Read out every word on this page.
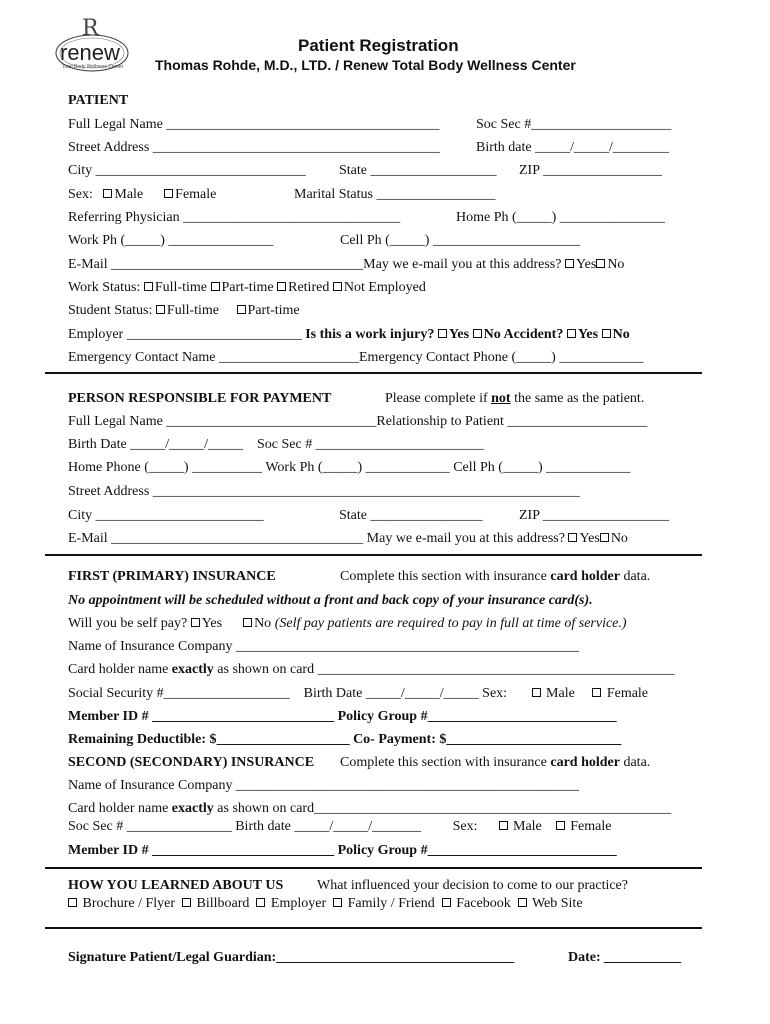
R
renew
Total Body Wellness Center
Patient Registration
Thomas Rohde, M.D., LTD. / Renew Total Body Wellness Center
PATIENT
Full Legal Name _______________________________________	Soc Sec #____________________
Street Address _________________________________________	Birth date _____/_____/________
City ______________________________ State __________________ ZIP _________________
Sex: Male Female	Marital Status _________________
Referring Physician _______________________________	Home Ph (_____) _______________
Work Ph (_____) _______________	Cell Ph (_____) _____________________
E-Mail ____________________________________May we e-mail you at this address? Yes No
Work Status: Full-time Part-time Retired Not Employed
Student Status: Full-time Part-time
Employer _________________________ Is this a work injury? Yes No Accident? Yes No
Emergency Contact Name ____________________Emergency Contact Phone (_____) ____________
PERSON RESPONSIBLE FOR PAYMENT	Please complete if not the same as the patient.
Full Legal Name ______________________________Relationship to Patient ____________________
Birth Date _____/_____/_____ Soc Sec # ________________________
Home Phone (_____) __________ Work Ph (_____) ____________ Cell Ph (_____) ____________
Street Address _____________________________________________________________
City ________________________	State ________________	ZIP __________________
E-Mail ____________________________________ May we e-mail you at this address? Yes No
FIRST (PRIMARY) INSURANCE	Complete this section with insurance card holder data.
No appointment will be scheduled without a front and back copy of your insurance card(s).
Will you be self pay? Yes No (Self pay patients are required to pay in full at time of service.)
Name of Insurance Company _________________________________________________
Card holder name exactly as shown on card ___________________________________________________
Social Security #__________________ Birth Date _____/_____/_____ Sex:	Male Female
Member ID # __________________________ Policy Group #___________________________
Remaining Deductible: $___________________ Co- Payment: $_________________________
SECOND (SECONDARY) INSURANCE Complete this section with insurance card holder data.
Name of Insurance Company _________________________________________________
Card holder name exactly as shown on card___________________________________________________
Soc Sec # _______________ Birth date _____/_____/_______ Sex:	Male Female
Member ID # __________________________ Policy Group #___________________________
HOW YOU LEARNED ABOUT US What influenced your decision to come to our practice?
Brochure / Flyer Billboard Employer Family / Friend Facebook Web Site
Signature Patient/Legal Guardian:__________________________________	Date: ___________
